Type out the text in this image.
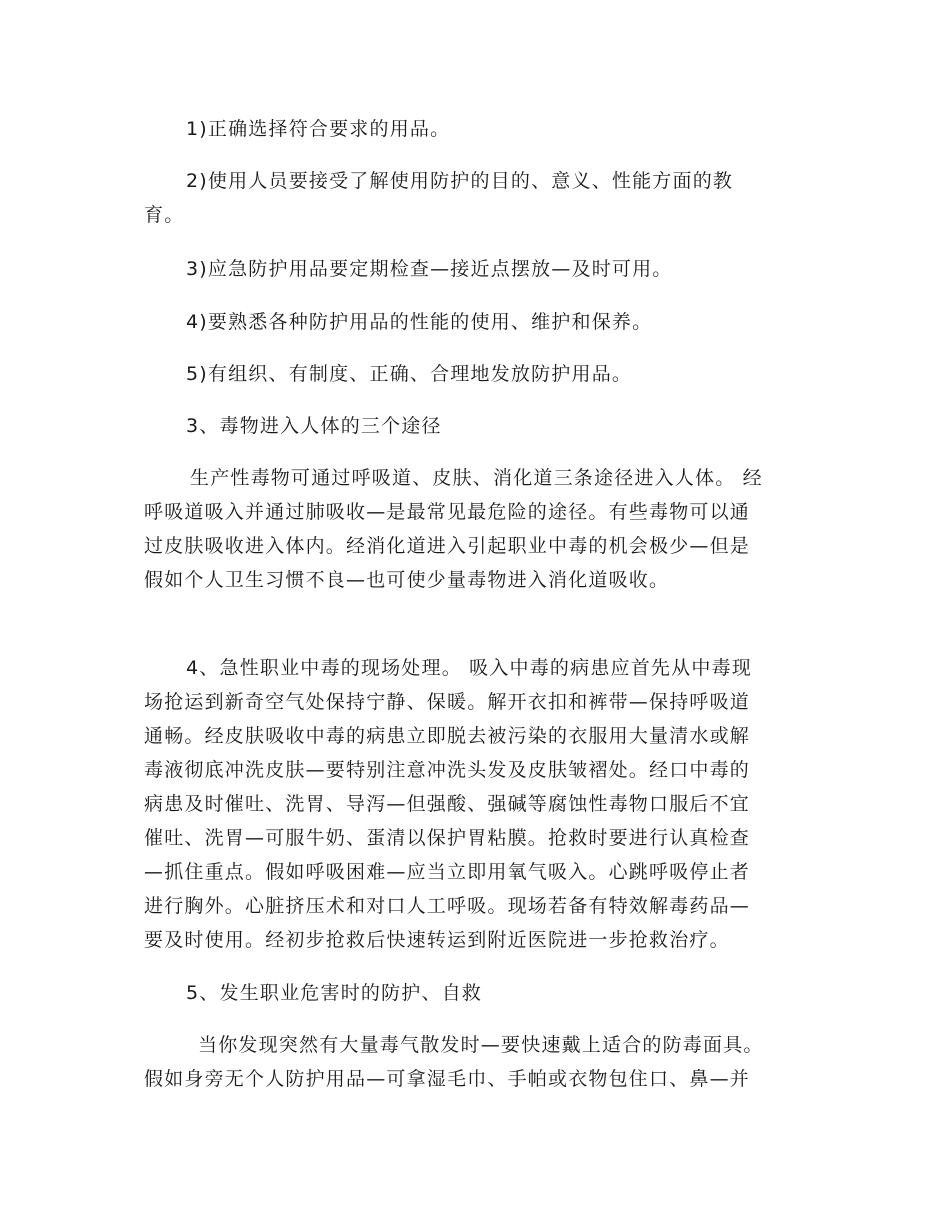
1)正确选择符合要求的用品。

2)使用人员要接受了解使用防护的目的、意义、性能方面的教
育。

3)应急防护用品要定期检查—接近点摆放—及时可用。

4)要熟悉各种防护用品的性能的使用、维护和保养。

5)有组织、有制度、正确、合理地发放防护用品。

3、毒物进入人体的三个途径

生产性毒物可通过呼吸道、皮肤、消化道三条途径进入人体。 经
呼吸道吸入并通过肺吸收—是最常见最危险的途径。有些毒物可以通
过皮肤吸收进入体内。经消化道进入引起职业中毒的机会极少—但是
假如个人卫生习惯不良—也可使少量毒物进入消化道吸收。

4、急性职业中毒的现场处理。 吸入中毒的病患应首先从中毒现
场抢运到新奇空气处保持宁静、保暖。解开衣扣和裤带—保持呼吸道
通畅。经皮肤吸收中毒的病患立即脱去被污染的衣服用大量清水或解
毒液彻底冲洗皮肤—要特别注意冲洗头发及皮肤皱褶处。经口中毒的
病患及时催吐、洗胃、导泻—但强酸、强碱等腐蚀性毒物口服后不宜
催吐、洗胃—可服牛奶、蛋清以保护胃粘膜。抢救时要进行认真检查
—抓住重点。假如呼吸困难—应当立即用氧气吸入。心跳呼吸停止者
进行胸外。心脏挤压术和对口人工呼吸。现场若备有特效解毒药品—
要及时使用。经初步抢救后快速转运到附近医院进一步抢救治疗。

5、发生职业危害时的防护、自救

当你发现突然有大量毒气散发时—要快速戴上适合的防毒面具。
假如身旁无个人防护用品—可拿湿毛巾、手帕或衣物包住口、鼻—并
